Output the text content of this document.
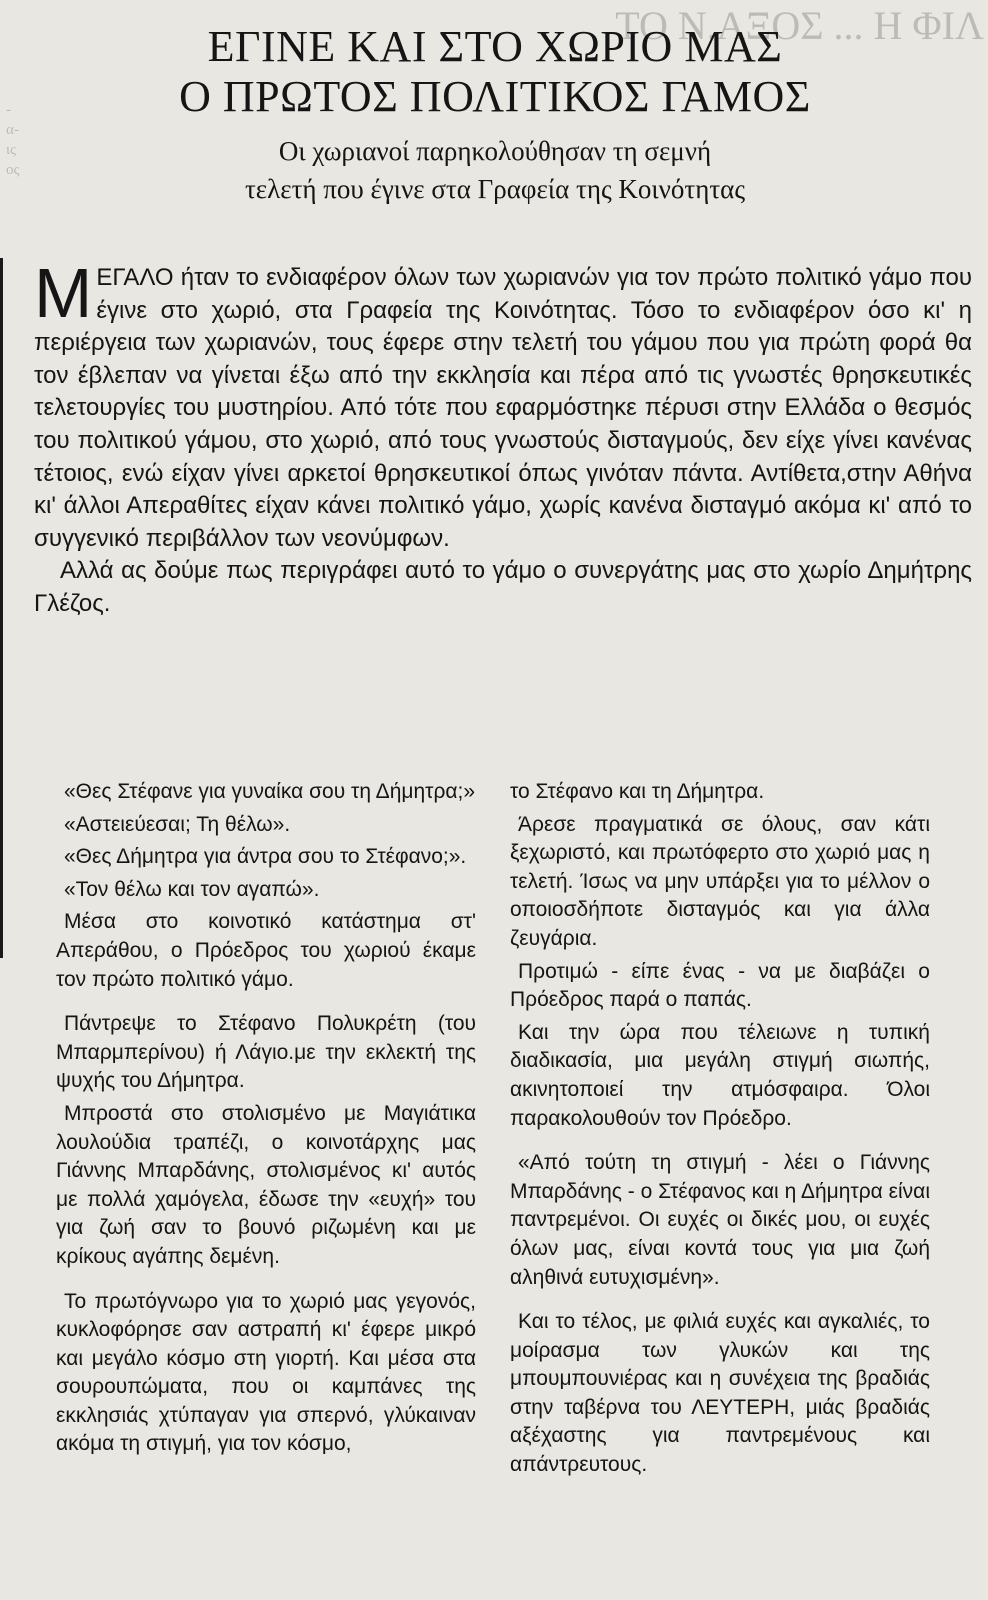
ΤΟ Ν.ΑΞΟΣ ... Η ΦΙΛ
-
α-
ις
ος
ΕΓΙΝΕ ΚΑΙ ΣΤΟ ΧΩΡΙΟ ΜΑΣ
Ο ΠΡΩΤΟΣ ΠΟΛΙΤΙΚΟΣ ΓΑΜΟΣ
Οι χωριανοί παρηκολούθησαν τη σεμνή
τελετή που έγινε στα Γραφεία της Κοινότητας

ΜΕΓΑΛΟ ήταν το ενδιαφέρον όλων των χωριανών για τον πρώτο πολιτικό γάμο που έγινε στο χωριό, στα Γραφεία της Κοινότητας. Τόσο το ενδιαφέρον όσο κι' η περιέργεια των χωριανών, τους έφερε στην τελετή του γάμου που για πρώτη φορά θα τον έβλεπαν να γίνεται έξω από την εκκλησία και πέρα από τις γνωστές θρησκευτικές τελετουργίες του μυστηρίου. Από τότε που εφαρμόστηκε πέρυσι στην Ελλάδα ο θεσμός του πολιτικού γάμου, στο χωριό, από τους γνωστούς δισταγμούς, δεν είχε γίνει κανένας τέτοιος, ενώ είχαν γίνει αρκετοί θρησκευτικοί όπως γινόταν πάντα. Αντίθετα,στην Αθήνα κι' άλλοι Απεραθίτες είχαν κάνει πολιτικό γάμο, χωρίς κανένα δισταγμό ακόμα κι' από το συγγενικό περιβάλλον των νεονύμφων.

Αλλά ας δούμε πως περιγράφει αυτό το γάμο ο συνεργάτης μας στο χωρίο Δημήτρης Γλέζος.

«Θες Στέφανε για γυναίκα σου τη Δήμητρα;»

«Αστειεύεσαι; Τη θέλω».

«Θες Δήμητρα για άντρα σου το Στέφανο;».

«Τον θέλω και τον αγαπώ».

Μέσα στο κοινοτικό κατάστημα στ' Απεράθου, ο Πρόεδρος του χωριού έκαμε τον πρώτο πολιτικό γάμο.

Πάντρεψε το Στέφανο Πολυκρέτη (του Μπαρμπερίνου) ή Λάγιο.με την εκλεκτή της ψυχής του Δήμητρα.

Μπροστά στο στολισμένο με Μαγιάτικα λουλούδια τραπέζι, ο κοινοτάρχης μας Γιάννης Μπαρδάνης, στολισμένος κι' αυτός με πολλά χαμόγελα, έδωσε την «ευχή» του για ζωή σαν το βουνό ριζωμένη και με κρίκους αγάπης δεμένη.

Το πρωτόγνωρο για το χωριό μας γεγονός, κυκλοφόρησε σαν αστραπή κι' έφερε μικρό και μεγάλο κόσμο στη γιορτή. Και μέσα στα σουρουπώματα, που οι καμπάνες της εκκλησιάς χτύπαγαν για σπερνό, γλύκαιναν ακόμα τη στιγμή, για τον κόσμο,

το Στέφανο και τη Δήμητρα.

Άρεσε πραγματικά σε όλους, σαν κάτι ξεχωριστό, και πρωτόφερτο στο χωριό μας η τελετή. Ίσως να μην υπάρξει για το μέλλον ο οποιοσδήποτε δισταγμός και για άλλα ζευγάρια.

Προτιμώ - είπε ένας - να με διαβάζει ο Πρόεδρος παρά ο παπάς.

Και την ώρα που τέλειωνε η τυπική διαδικασία, μια μεγάλη στιγμή σιωπής, ακινητοποιεί την ατμόσφαιρα. Όλοι παρακολουθούν τον Πρόεδρο.

«Από τούτη τη στιγμή - λέει ο Γιάννης Μπαρδάνης - ο Στέφανος και η Δήμητρα είναι παντρεμένοι. Οι ευχές οι δικές μου, οι ευχές όλων μας, είναι κοντά τους για μια ζωή αληθινά ευτυχισμένη».

Και το τέλος, με φιλιά ευχές και αγκαλιές, το μοίρασμα των γλυκών και της μπουμπουνιέρας και η συνέχεια της βραδιάς στην ταβέρνα του ΛΕΥΤΕΡΗ, μιάς βραδιάς αξέχαστης για παντρεμένους και απάντρευτους.
